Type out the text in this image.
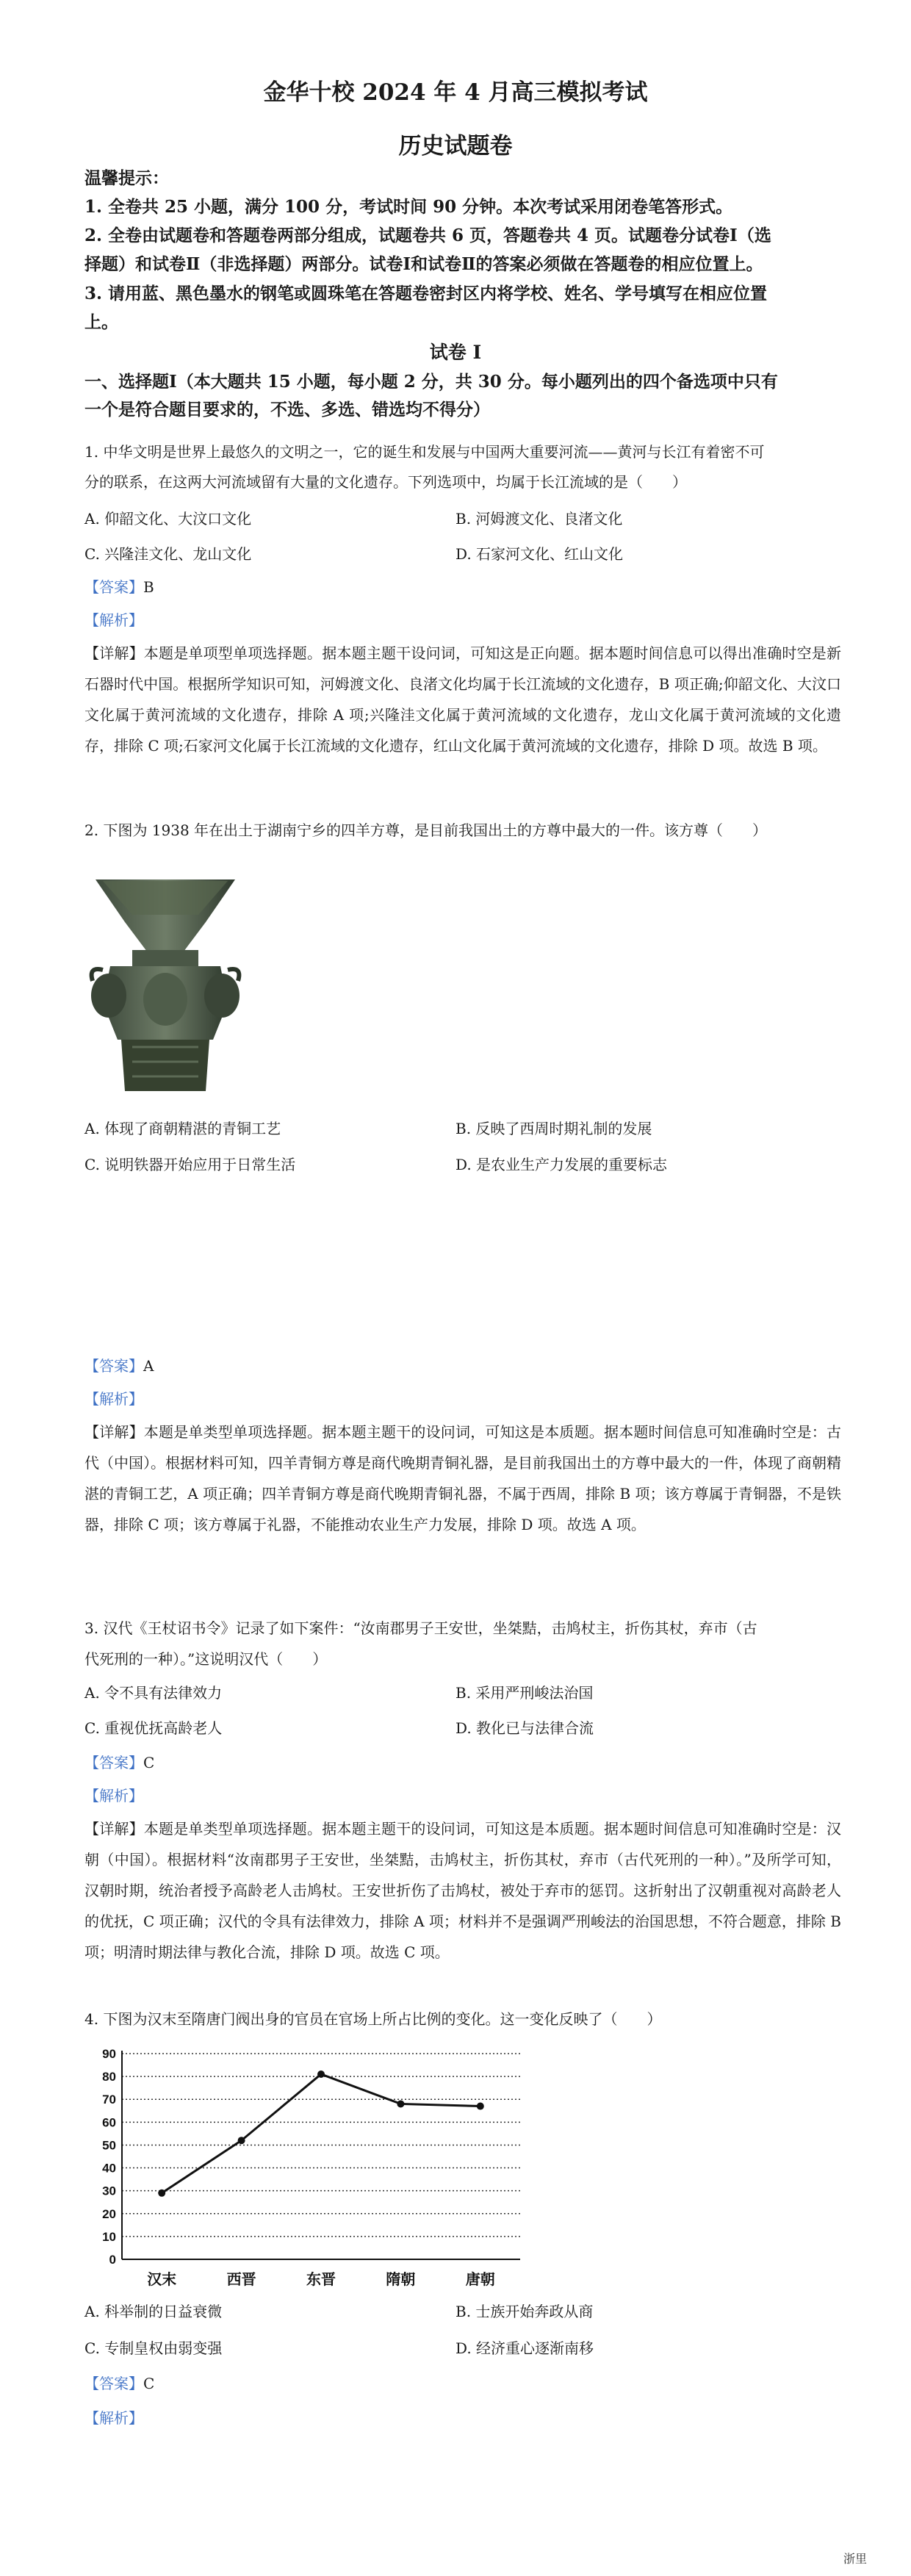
金华十校 2024 年 4 月高三模拟考试
历史试题卷
温馨提示：
1. 全卷共 25 小题，满分 100 分，考试时间 90 分钟。本次考试采用闭卷笔答形式。
2. 全卷由试题卷和答题卷两部分组成，试题卷共 6 页，答题卷共 4 页。试题卷分试卷Ⅰ（选
择题）和试卷Ⅱ（非选择题）两部分。试卷Ⅰ和试卷Ⅱ的答案必须做在答题卷的相应位置上。
3. 请用蓝、黑色墨水的钢笔或圆珠笔在答题卷密封区内将学校、姓名、学号填写在相应位置
上。
试卷 Ⅰ
一、选择题Ⅰ（本大题共 15 小题，每小题 2 分，共 30 分。每小题列出的四个备选项中只有
一个是符合题目要求的，不选、多选、错选均不得分）
1. 中华文明是世界上最悠久的文明之一，它的诞生和发展与中国两大重要河流——黄河与长江有着密不可
分的联系，在这两大河流域留有大量的文化遗存。下列选项中，均属于长江流域的是（　　）
A. 仰韶文化、大汶口文化	B. 河姆渡文化、良渚文化
C. 兴隆洼文化、龙山文化	D. 石家河文化、红山文化
【答案】B
【解析】
【详解】本题是单项型单项选择题。据本题主题干设问词，可知这是正向题。据本题时间信息可以得出准确时空是新石器时代中国。根据所学知识可知，河姆渡文化、良渚文化均属于长江流域的文化遗存，B 项正确;仰韶文化、大汶口文化属于黄河流域的文化遗存，排除 A 项;兴隆洼文化属于黄河流域的文化遗存，龙山文化属于黄河流域的文化遗存，排除 C 项;石家河文化属于长江流域的文化遗存，红山文化属于黄河流域的文化遗存，排除 D 项。故选 B 项。
2. 下图为 1938 年在出土于湖南宁乡的四羊方尊，是目前我国出土的方尊中最大的一件。该方尊（　　）
A. 体现了商朝精湛的青铜工艺	B. 反映了西周时期礼制的发展
C. 说明铁器开始应用于日常生活	D. 是农业生产力发展的重要标志
【答案】A
【解析】
【详解】本题是单类型单项选择题。据本题主题干的设问词，可知这是本质题。据本题时间信息可知准确时空是：古代（中国）。根据材料可知，四羊青铜方尊是商代晚期青铜礼器，是目前我国出土的方尊中最大的一件，体现了商朝精湛的青铜工艺，A 项正确；四羊青铜方尊是商代晚期青铜礼器，不属于西周，排除 B 项；该方尊属于青铜器，不是铁器，排除 C 项；该方尊属于礼器，不能推动农业生产力发展，排除 D 项。故选 A 项。
3. 汉代《王杖诏书令》记录了如下案件：“汝南郡男子王安世，坐桀黠，击鸠杖主，折伤其杖，弃市（古
代死刑的一种）。”这说明汉代（　　）
A. 令不具有法律效力	B. 采用严刑峻法治国
C. 重视优抚高龄老人	D. 教化已与法律合流
【答案】C
【解析】
【详解】本题是单类型单项选择题。据本题主题干的设问词，可知这是本质题。据本题时间信息可知准确时空是：汉朝（中国）。根据材料“汝南郡男子王安世，坐桀黠，击鸠杖主，折伤其杖，弃市（古代死刑的一种）。”及所学可知，汉朝时期，统治者授予高龄老人击鸠杖。王安世折伤了击鸠杖，被处于弃市的惩罚。这折射出了汉朝重视对高龄老人的优抚，C 项正确；汉代的令具有法律效力，排除 A 项；材料并不是强调严刑峻法的治国思想，不符合题意，排除 B 项；明清时期法律与教化合流，排除 D 项。故选 C 项。
4. 下图为汉末至隋唐门阀出身的官员在官场上所占比例的变化。这一变化反映了（　　）
0
10
20
30
40
50
60
70
80
90
汉末	西晋	东晋	隋朝	唐朝
A. 科举制的日益衰微	B. 士族开始奔政从商
C. 专制皇权由弱变强	D. 经济重心逐渐南移
【答案】C
【解析】
浙里
